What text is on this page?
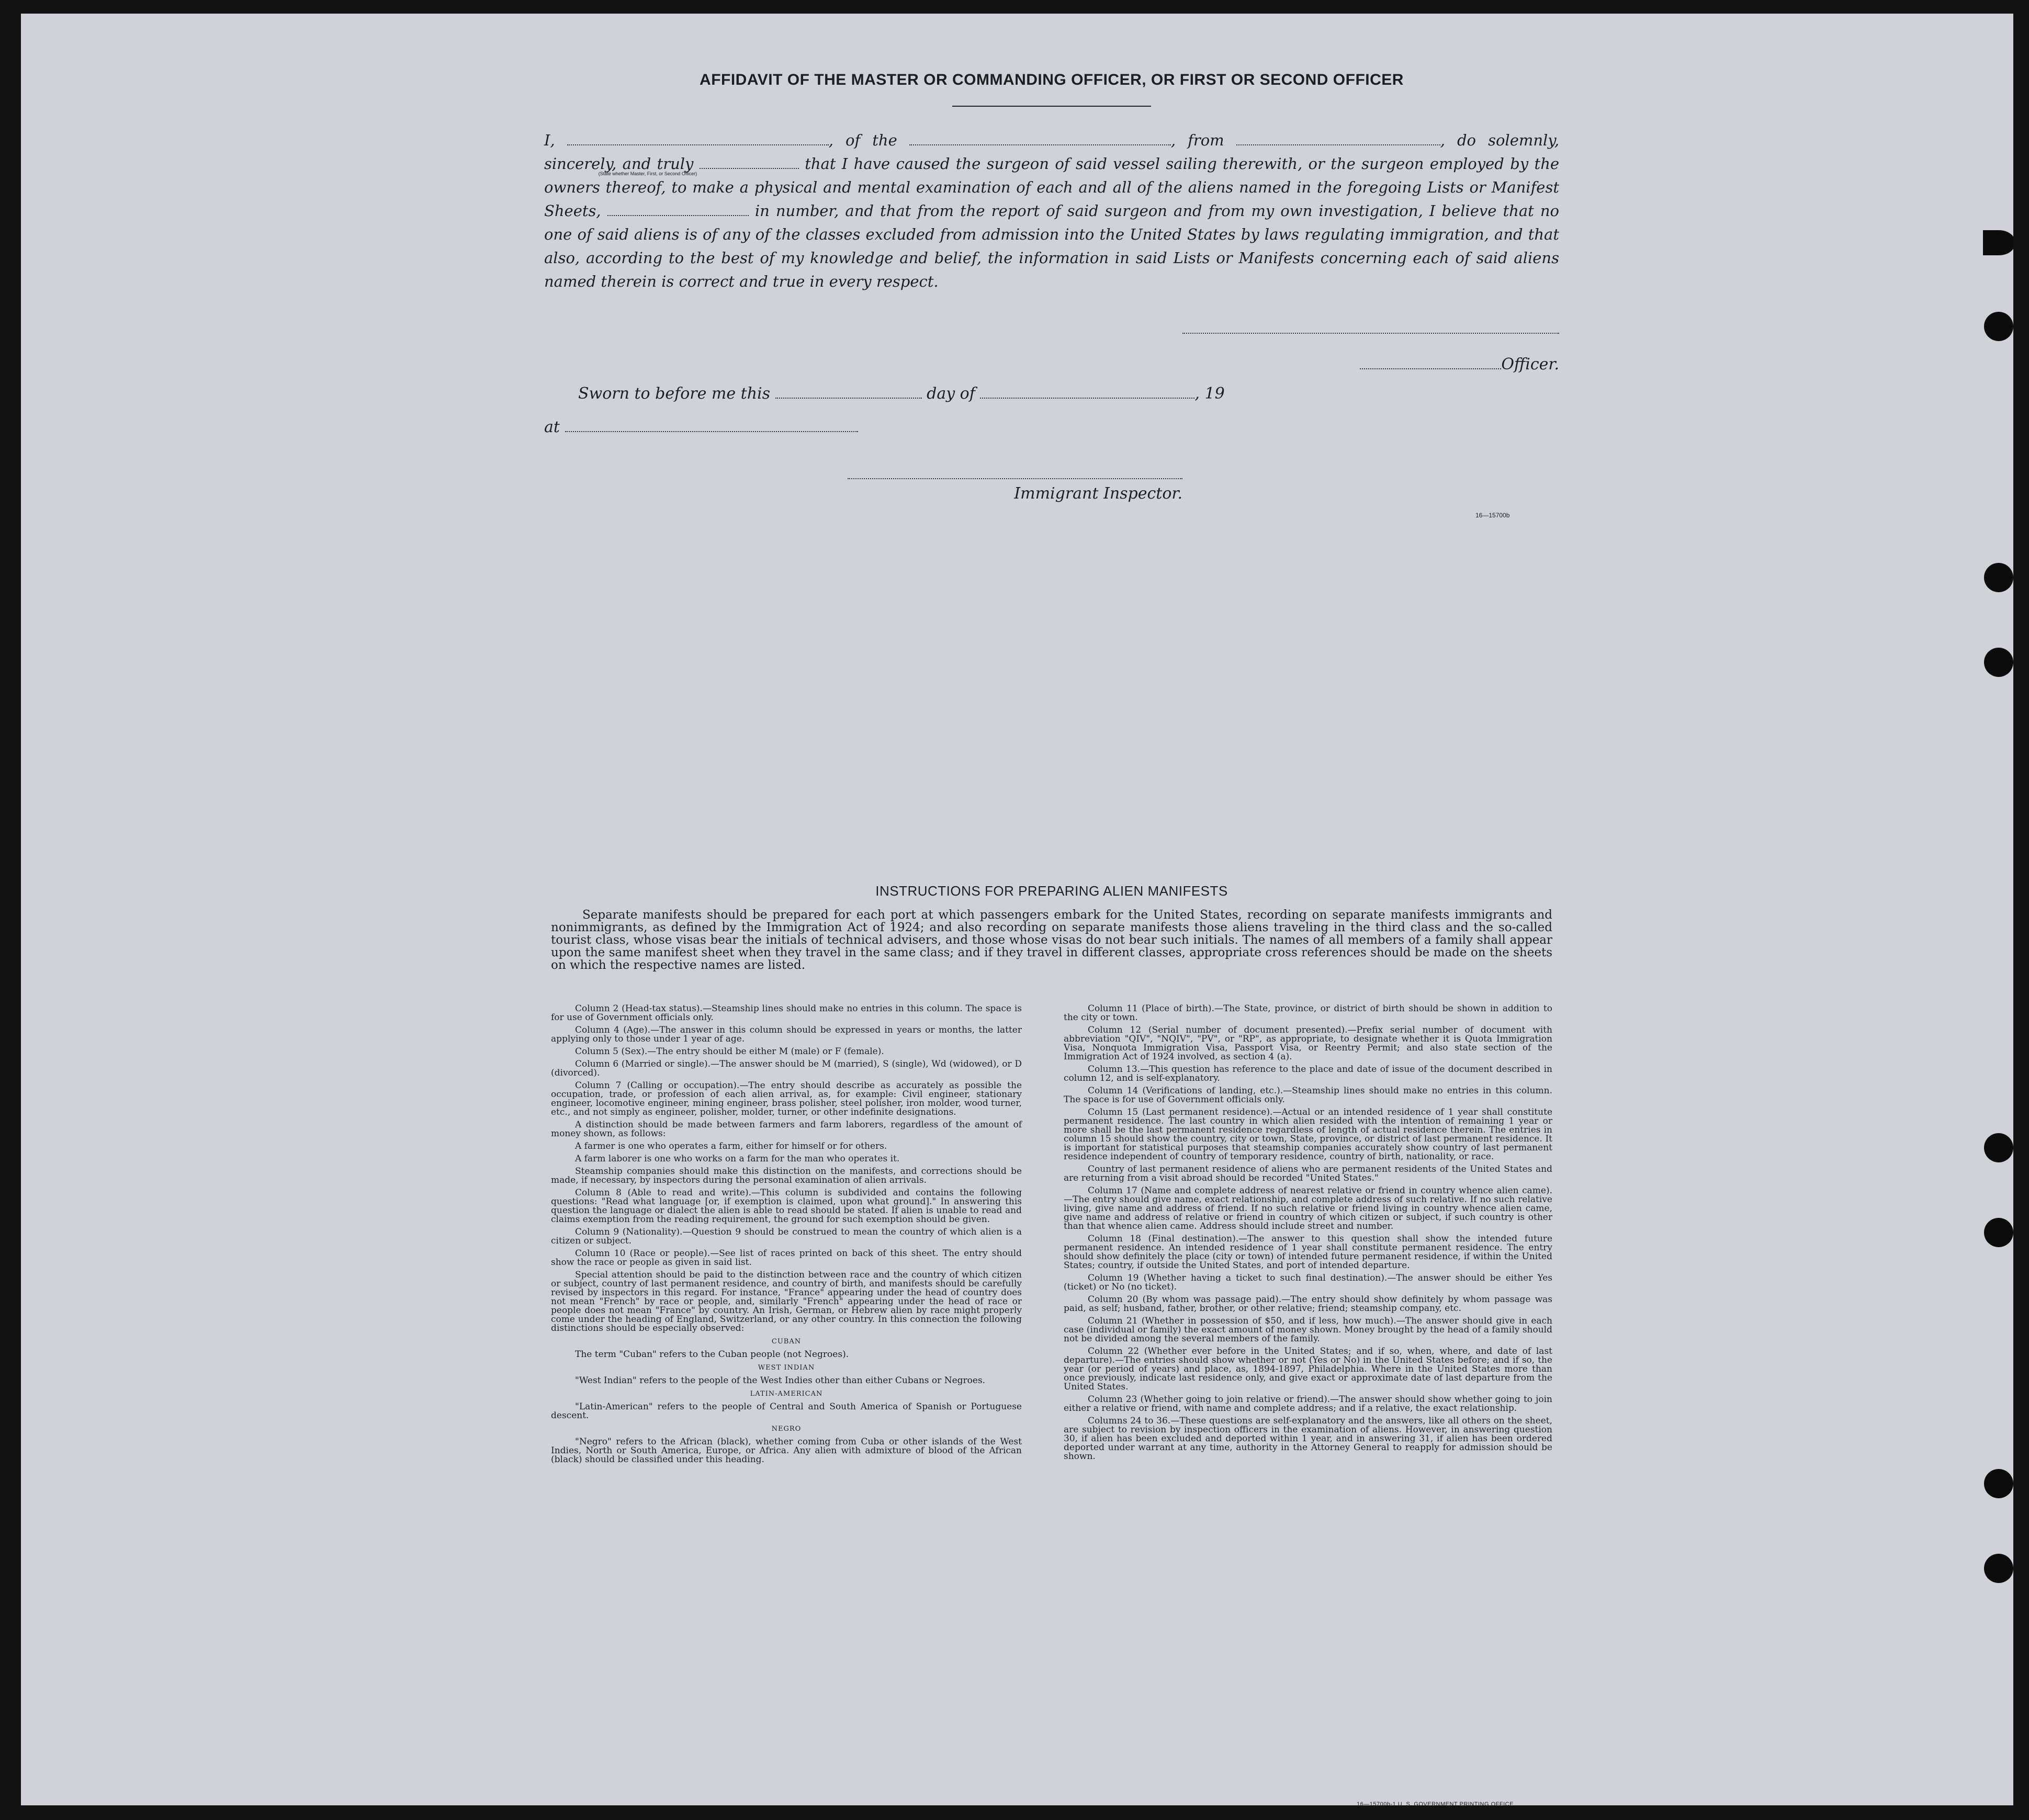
AFFIDAVIT OF THE MASTER OR COMMANDING OFFICER, OR FIRST OR SECOND OFFICER
I,
(State whether Master, First, or Second Officer)
, of the	, from	, do solemnly, sincerely, and truly	that I have caused the surgeon of said vessel sailing therewith, or the surgeon employed by the owners thereof, to make a physical and mental examination of each and all of the aliens named in the foregoing Lists or Manifest Sheets,	in number, and that from the report of said surgeon and from my own investigation, I believe that no one of said aliens is of any of the classes excluded from admission into the United States by laws regulating immigration, and that also, according to the best of my knowledge and belief, the information in said Lists or Manifests concerning each of said aliens named therein is correct and true in every respect.
Officer.
Sworn to before me this	day of	, 19
at
Immigrant Inspector.
16—15700b
INSTRUCTIONS FOR PREPARING ALIEN MANIFESTS
Separate manifests should be prepared for each port at which passengers embark for the United States, recording on separate manifests immigrants and nonimmigrants, as defined by the Immigration Act of 1924; and also recording on separate manifests those aliens traveling in the third class and the so-called tourist class, whose visas bear the initials of technical advisers, and those whose visas do not bear such initials. The names of all members of a family shall appear upon the same manifest sheet when they travel in the same class; and if they travel in different classes, appropriate cross references should be made on the sheets on which the respective names are listed.

Column 2 (Head-tax status).—Steamship lines should make no entries in this column. The space is for use of Government officials only.

Column 4 (Age).—The answer in this column should be expressed in years or months, the latter applying only to those under 1 year of age.

Column 5 (Sex).—The entry should be either M (male) or F (female).

Column 6 (Married or single).—The answer should be M (married), S (single), Wd (widowed), or D (divorced).

Column 7 (Calling or occupation).—The entry should describe as accurately as possible the occupation, trade, or profession of each alien arrival, as, for example: Civil engineer, stationary engineer, locomotive engineer, mining engineer, brass polisher, steel polisher, iron molder, wood turner, etc., and not simply as engineer, polisher, molder, turner, or other indefinite designations.

A distinction should be made between farmers and farm laborers, regardless of the amount of money shown, as follows:

A farmer is one who operates a farm, either for himself or for others.

A farm laborer is one who works on a farm for the man who operates it.

Steamship companies should make this distinction on the manifests, and corrections should be made, if necessary, by inspectors during the personal examination of alien arrivals.

Column 8 (Able to read and write).—This column is subdivided and contains the following questions: "Read what language [or, if exemption is claimed, upon what ground]." In answering this question the language or dialect the alien is able to read should be stated. If alien is unable to read and claims exemption from the reading requirement, the ground for such exemption should be given.

Column 9 (Nationality).—Question 9 should be construed to mean the country of which alien is a citizen or subject.

Column 10 (Race or people).—See list of races printed on back of this sheet. The entry should show the race or people as given in said list.

Special attention should be paid to the distinction between race and the country of which citizen or subject, country of last permanent residence, and country of birth, and manifests should be carefully revised by inspectors in this regard. For instance, "France" appearing under the head of country does not mean "French" by race or people, and, similarly "French" appearing under the head of race or people does not mean "France" by country. An Irish, German, or Hebrew alien by race might properly come under the heading of England, Switzerland, or any other country. In this connection the following distinctions should be especially observed:

CUBAN

The term "Cuban" refers to the Cuban people (not Negroes).

WEST INDIAN

"West Indian" refers to the people of the West Indies other than either Cubans or Negroes.

LATIN-AMERICAN

"Latin-American" refers to the people of Central and South America of Spanish or Portuguese descent.

NEGRO

"Negro" refers to the African (black), whether coming from Cuba or other islands of the West Indies, North or South America, Europe, or Africa. Any alien with admixture of blood of the African (black) should be classified under this heading.

Column 11 (Place of birth).—The State, province, or district of birth should be shown in addition to the city or town.

Column 12 (Serial number of document presented).—Prefix serial number of document with abbreviation "QIV", "NQIV", "PV", or "RP", as appropriate, to designate whether it is Quota Immigration Visa, Nonquota Immigration Visa, Passport Visa, or Reentry Permit; and also state section of the Immigration Act of 1924 involved, as section 4 (a).

Column 13.—This question has reference to the place and date of issue of the document described in column 12, and is self-explanatory.

Column 14 (Verifications of landing, etc.).—Steamship lines should make no entries in this column. The space is for use of Government officials only.

Column 15 (Last permanent residence).—Actual or an intended residence of 1 year shall constitute permanent residence. The last country in which alien resided with the intention of remaining 1 year or more shall be the last permanent residence regardless of length of actual residence therein. The entries in column 15 should show the country, city or town, State, province, or district of last permanent residence. It is important for statistical purposes that steamship companies accurately show country of last permanent residence independent of country of temporary residence, country of birth, nationality, or race.

Country of last permanent residence of aliens who are permanent residents of the United States and are returning from a visit abroad should be recorded "United States."

Column 17 (Name and complete address of nearest relative or friend in country whence alien came).—The entry should give name, exact relationship, and complete address of such relative. If no such relative living, give name and address of friend. If no such relative or friend living in country whence alien came, give name and address of relative or friend in country of which citizen or subject, if such country is other than that whence alien came. Address should include street and number.

Column 18 (Final destination).—The answer to this question shall show the intended future permanent residence. An intended residence of 1 year shall constitute permanent residence. The entry should show definitely the place (city or town) of intended future permanent residence, if within the United States; country, if outside the United States, and port of intended departure.

Column 19 (Whether having a ticket to such final destination).—The answer should be either Yes (ticket) or No (no ticket).

Column 20 (By whom was passage paid).—The entry should show definitely by whom passage was paid, as self; husband, father, brother, or other relative; friend; steamship company, etc.

Column 21 (Whether in possession of $50, and if less, how much).—The answer should give in each case (individual or family) the exact amount of money shown. Money brought by the head of a family should not be divided among the several members of the family.

Column 22 (Whether ever before in the United States; and if so, when, where, and date of last departure).—The entries should show whether or not (Yes or No) in the United States before; and if so, the year (or period of years) and place, as, 1894-1897, Philadelphia. Where in the United States more than once previously, indicate last residence only, and give exact or approximate date of last departure from the United States.

Column 23 (Whether going to join relative or friend).—The answer should show whether going to join either a relative or friend, with name and complete address; and if a relative, the exact relationship.

Columns 24 to 36.—These questions are self-explanatory and the answers, like all others on the sheet, are subject to revision by inspection officers in the examination of aliens. However, in answering question 30, if alien has been excluded and deported within 1 year, and in answering 31, if alien has been ordered deported under warrant at any time, authority in the Attorney General to reapply for admission should be shown.

16—15700b-1 U. S. GOVERNMENT PRINTING OFFICE
